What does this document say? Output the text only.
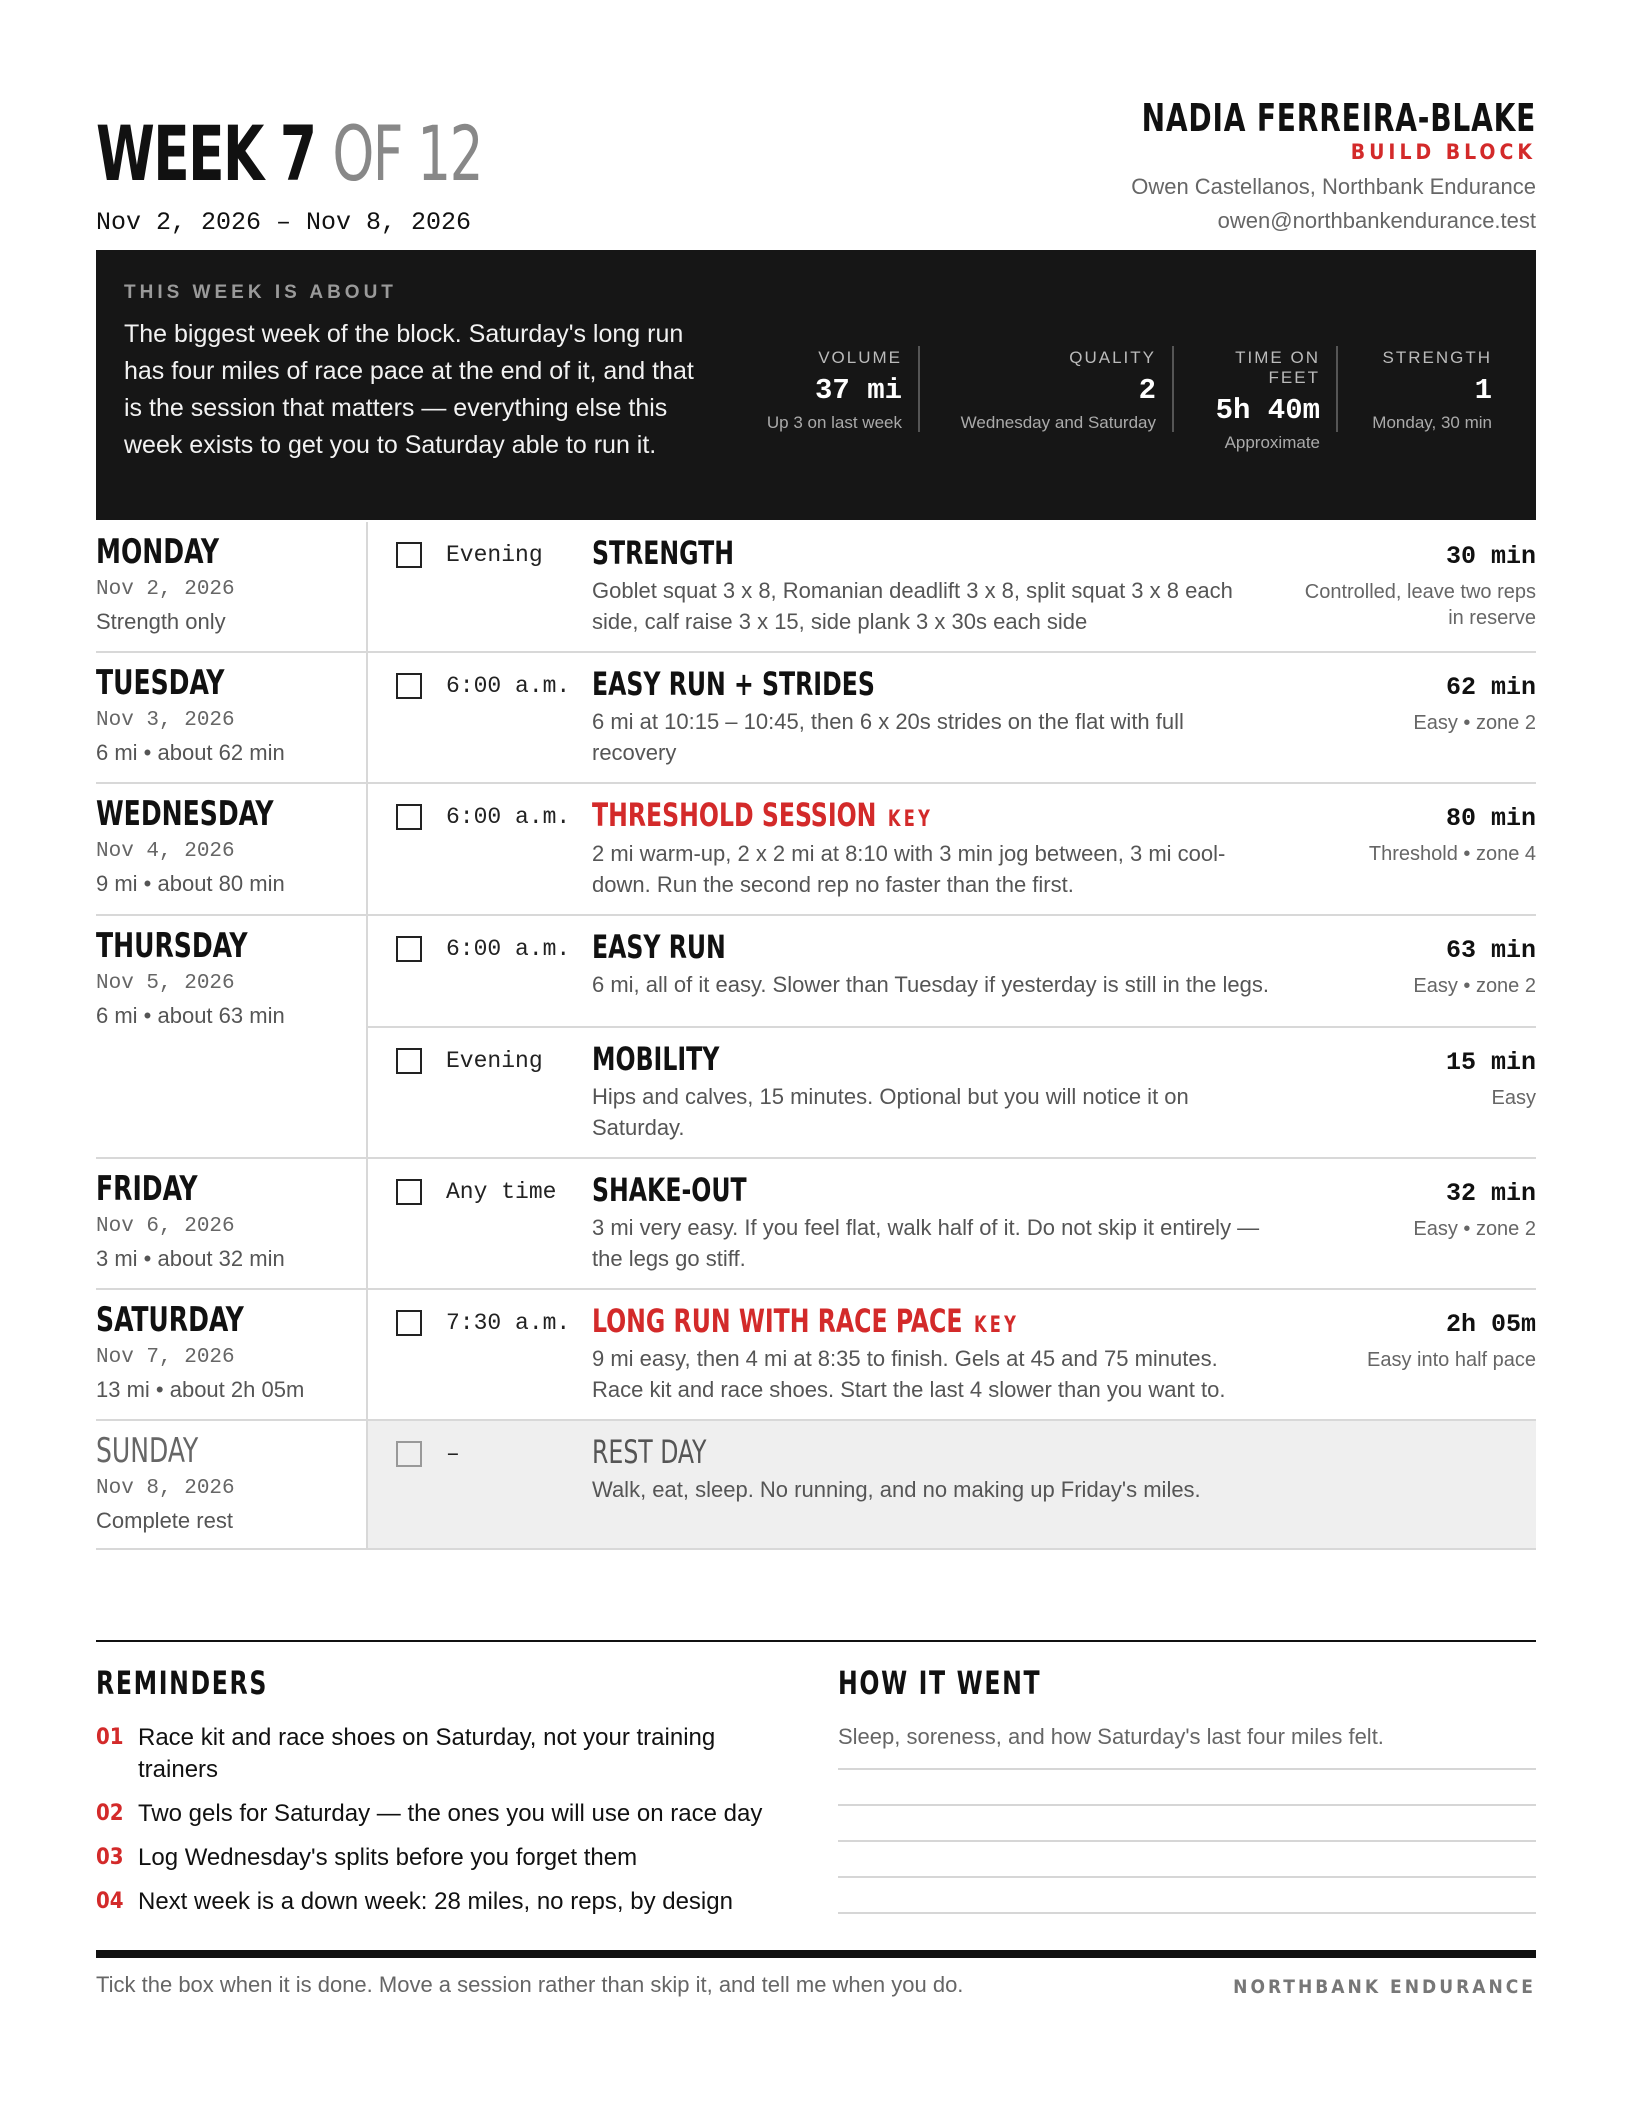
WEEK 7 OF 12
Nov 2, 2026 – Nov 8, 2026
NADIA FERREIRA-BLAKE
BUILD BLOCK
Owen Castellanos, Northbank Endurance
owen@northbankendurance.test
THIS WEEK IS ABOUT
The biggest week of the block. Saturday's long run has four miles of race pace at the end of it, and that is the session that matters — everything else this week exists to get you to Saturday able to run it.
VOLUME
37 mi
Up 3 on last week
QUALITY
2
Wednesday and Saturday
TIME ON FEET
5h 40m
Approximate
STRENGTH
1
Monday, 30 min
MONDAY
Nov 2, 2026
Strength only
Evening	STRENGTH
Goblet squat 3 x 8, Romanian deadlift 3 x 8, split squat 3 x 8 each side, calf raise 3 x 15, side plank 3 x 30s each side
30 min
Controlled, leave two reps in reserve
TUESDAY
Nov 3, 2026
6 mi • about 62 min
6:00 a.m. EASY RUN + STRIDES
6 mi at 10:15 – 10:45, then 6 x 20s strides on the flat with full recovery
62 min
Easy • zone 2
WEDNESDAY
Nov 4, 2026
9 mi • about 80 min
6:00 a.m. THRESHOLD SESSION KEY
2 mi warm-up, 2 x 2 mi at 8:10 with 3 min jog between, 3 mi cool-down. Run the second rep no faster than the first.
80 min
Threshold • zone 4
THURSDAY
Nov 5, 2026
6 mi • about 63 min
6:00 a.m. EASY RUN
6 mi, all of it easy. Slower than Tuesday if yesterday is still in the legs.
63 min
Easy • zone 2
Evening	MOBILITY
Hips and calves, 15 minutes. Optional but you will notice it on Saturday.
15 min
Easy
FRIDAY
Nov 6, 2026
3 mi • about 32 min
Any time	SHAKE-OUT
3 mi very easy. If you feel flat, walk half of it. Do not skip it entirely — the legs go stiff.
32 min
Easy • zone 2
SATURDAY
Nov 7, 2026
13 mi • about 2h 05m
7:30 a.m. LONG RUN WITH RACE PACE KEY
9 mi easy, then 4 mi at 8:35 to finish. Gels at 45 and 75 minutes. Race kit and race shoes. Start the last 4 slower than you want to.
2h 05m
Easy into half pace
SUNDAY
Nov 8, 2026
Complete rest
–	REST DAY
Walk, eat, sleep. No running, and no making up Friday's miles.
REMINDERS
01 Race kit and race shoes on Saturday, not your training trainers
02 Two gels for Saturday — the ones you will use on race day
03 Log Wednesday's splits before you forget them
04 Next week is a down week: 28 miles, no reps, by design
HOW IT WENT
Sleep, soreness, and how Saturday's last four miles felt.
Tick the box when it is done. Move a session rather than skip it, and tell me when you do.	NORTHBANK ENDURANCE
